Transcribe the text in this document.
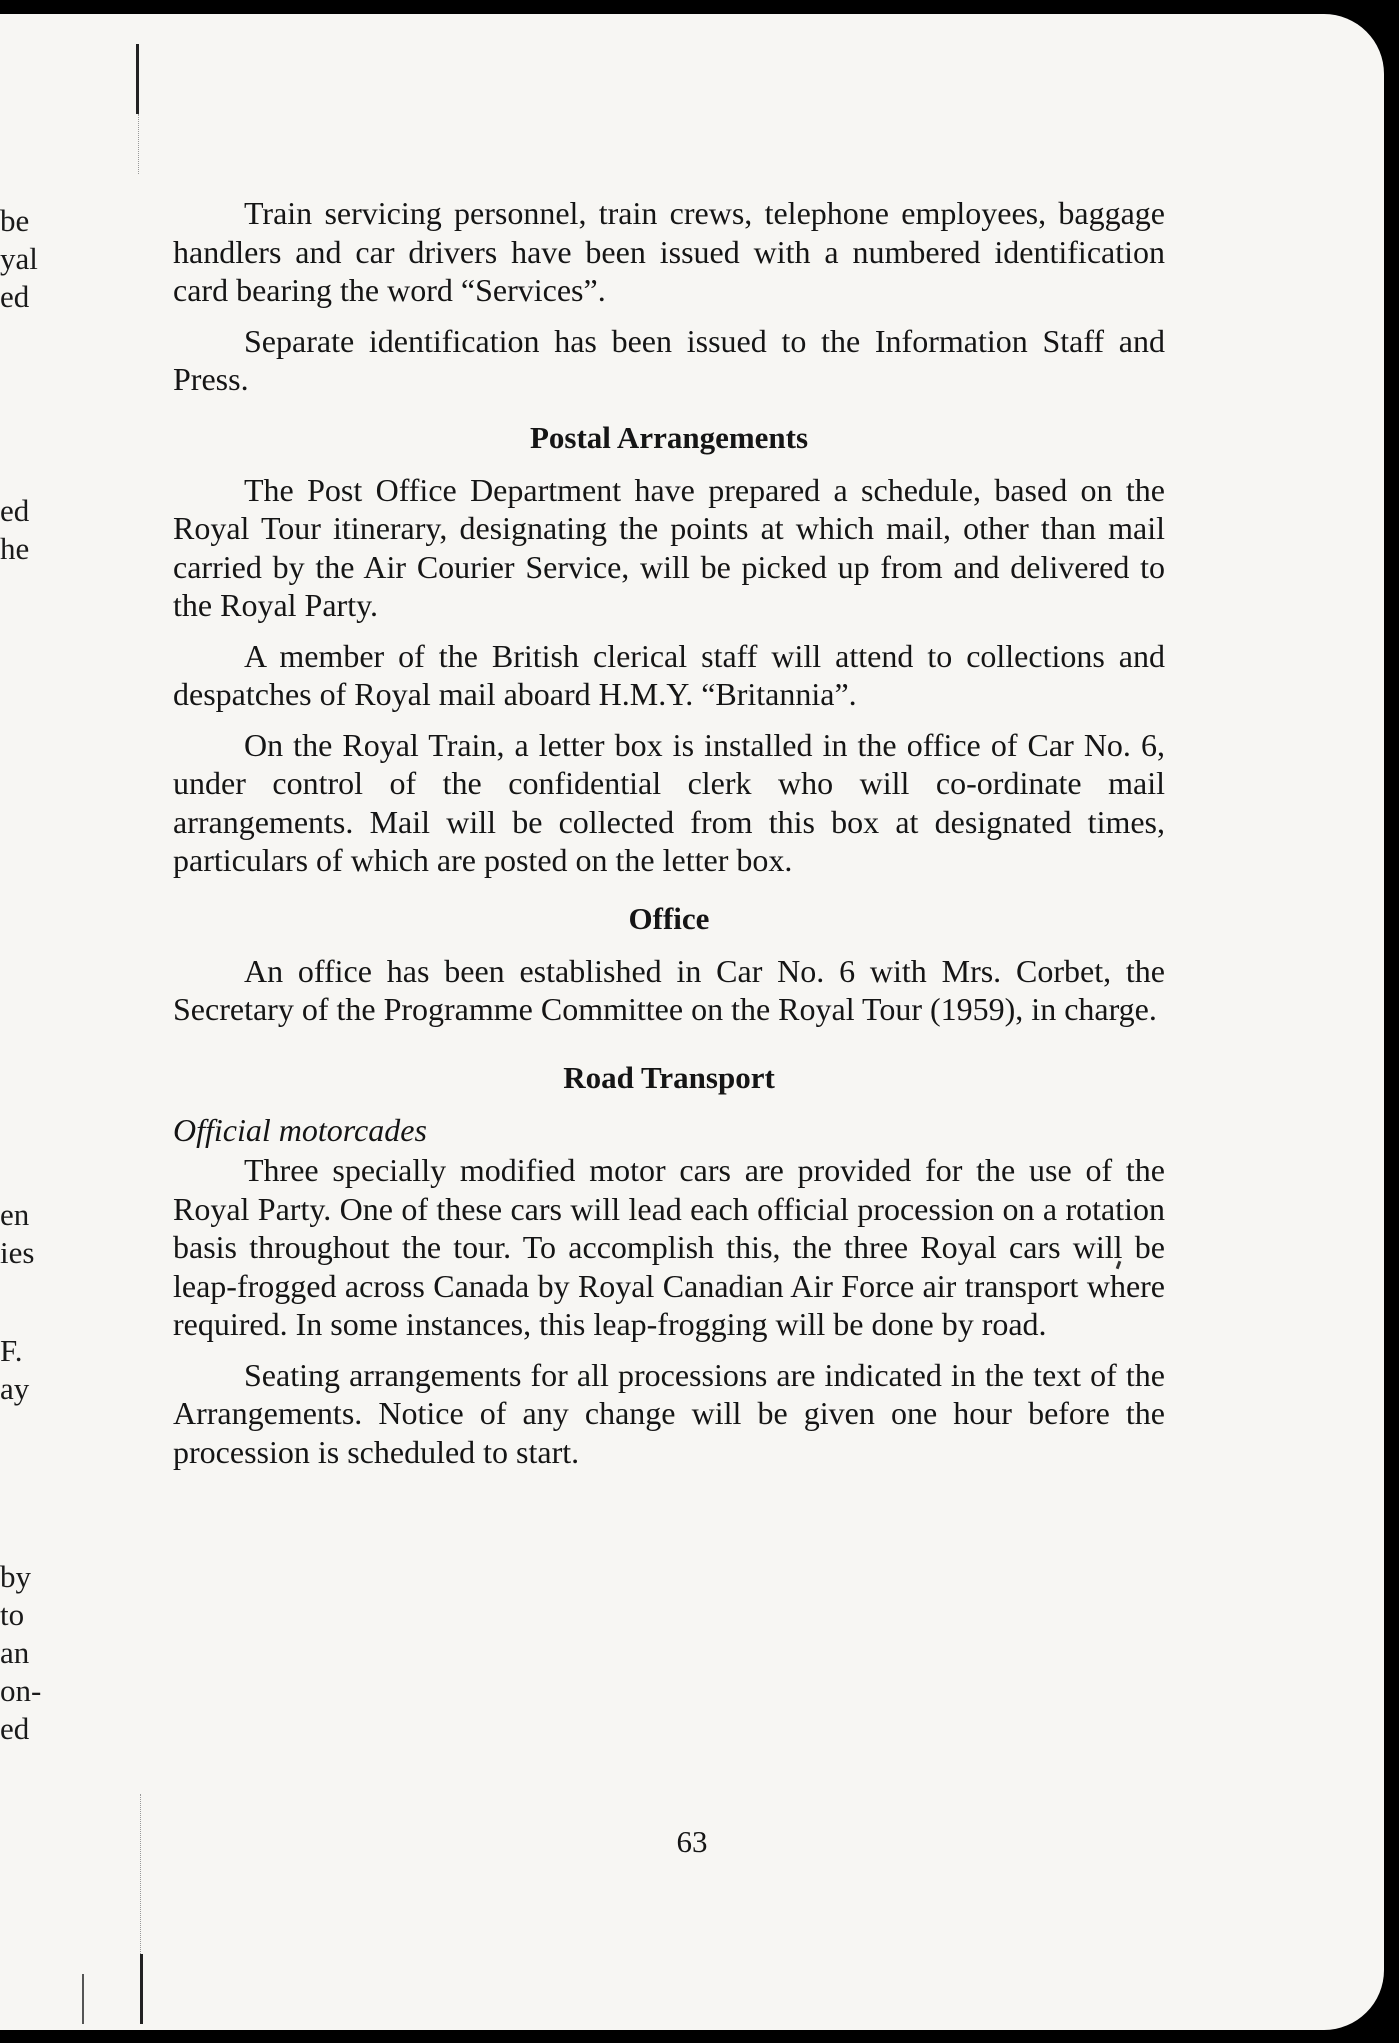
be
yal
ed
ed
he
en
ies
F.
ay
by
to
an
on-
ed

Train servicing personnel, train crews, telephone employees, baggage handlers and car drivers have been issued with a numbered identification card bearing the word “Services”.

Separate identification has been issued to the Information Staff and Press.

Postal Arrangements

The Post Office Department have prepared a schedule, based on the Royal Tour itinerary, designating the points at which mail, other than mail carried by the Air Courier Service, will be picked up from and delivered to the Royal Party.

A member of the British clerical staff will attend to collections and despatches of Royal mail aboard H.M.Y. “Britannia”.

On the Royal Train, a letter box is installed in the office of Car No. 6, under control of the confidential clerk who will co-ordinate mail arrangements. Mail will be collected from this box at designated times, particulars of which are posted on the letter box.

Office

An office has been established in Car No. 6 with Mrs. Corbet, the Secretary of the Programme Committee on the Royal Tour (1959), in charge.

Road Transport
Official motorcades

Three specially modified motor cars are provided for the use of the Royal Party. One of these cars will lead each official procession on a rotation basis throughout the tour. To accomplish this, the three Royal cars will be leap-frogged across Canada by Royal Canadian Air Force air transport where required. In some instances, this leap-frogging will be done by road.

Seating arrangements for all processions are indicated in the text of the Arrangements. Notice of any change will be given one hour before the procession is scheduled to start.

63
